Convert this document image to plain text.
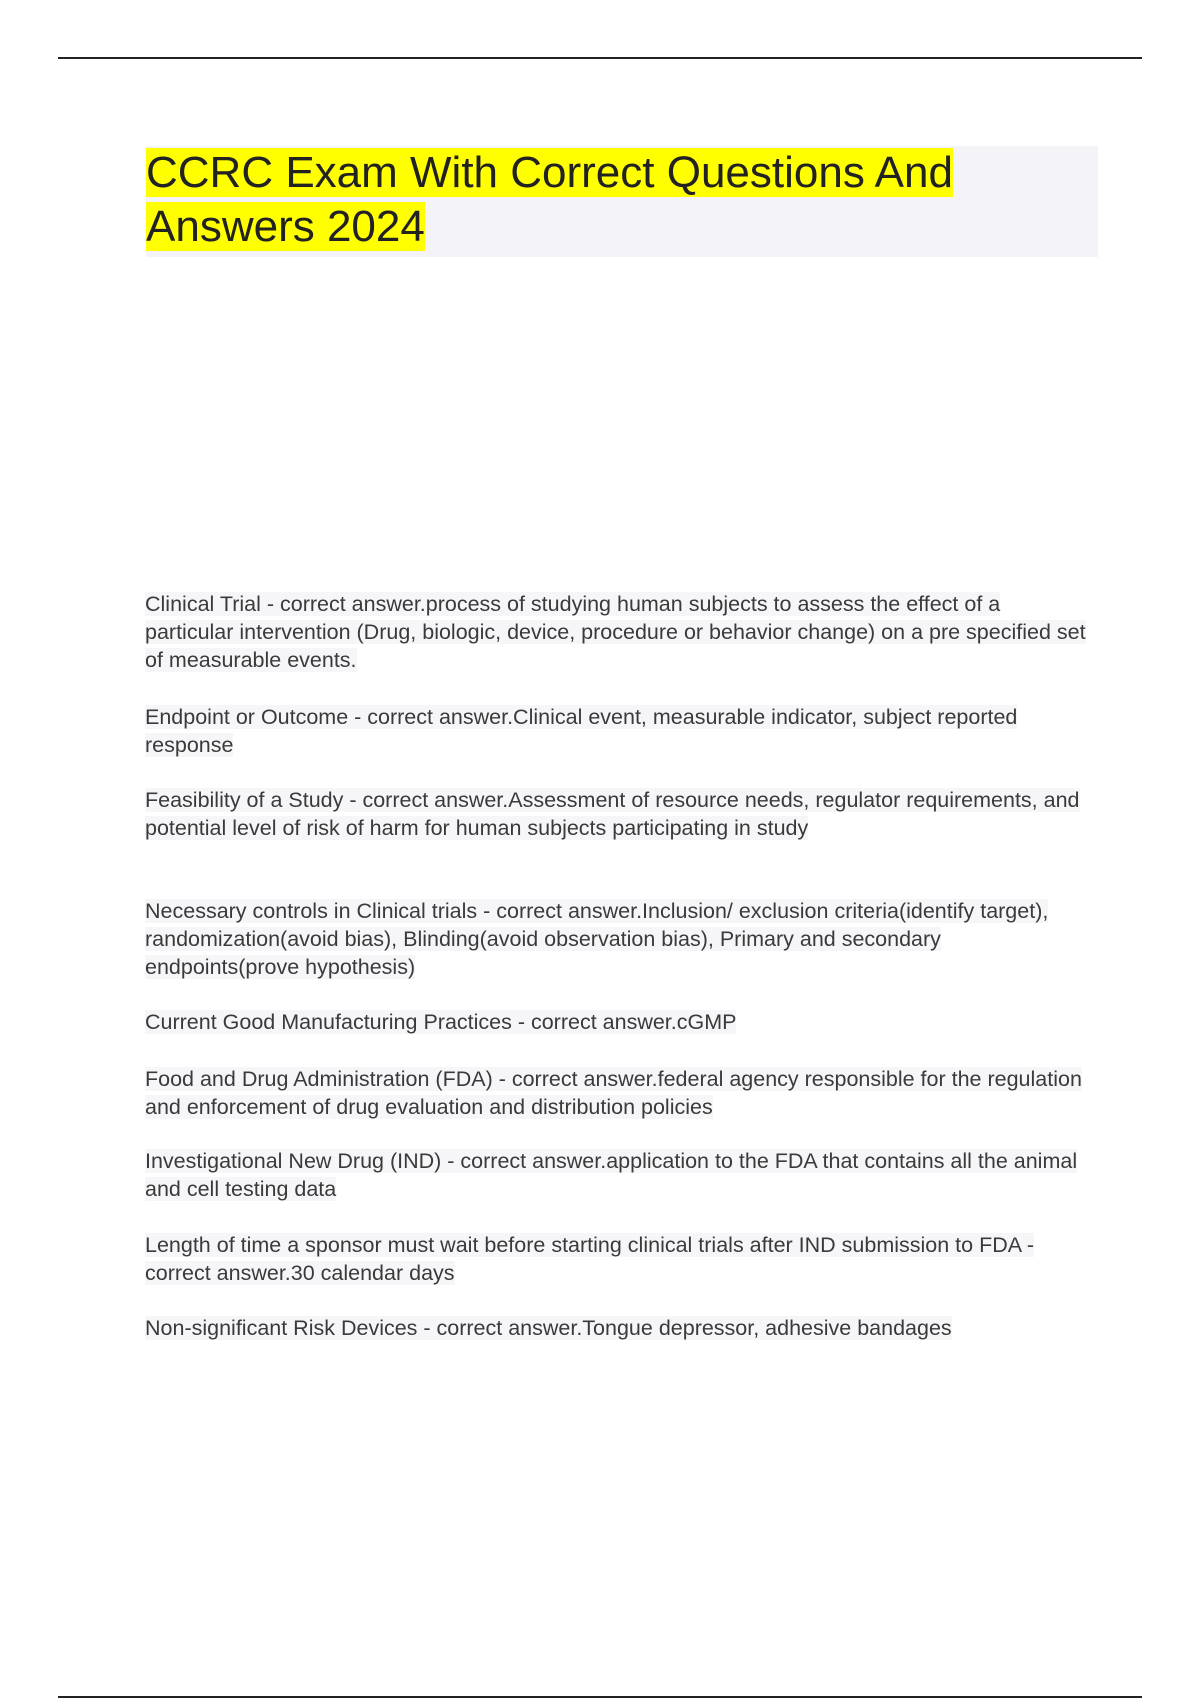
CCRC Exam With Correct Questions And Answers 2024

Clinical Trial - correct answer.process of studying human subjects to assess the effect of a particular intervention (Drug, biologic, device, procedure or behavior change) on a pre specified set of measurable events.

Endpoint or Outcome - correct answer.Clinical event, measurable indicator, subject reported response

Feasibility of a Study - correct answer.Assessment of resource needs, regulator requirements, and potential level of risk of harm for human subjects participating in study

Necessary controls in Clinical trials - correct answer.Inclusion/ exclusion criteria(identify target), randomization(avoid bias), Blinding(avoid observation bias), Primary and secondary endpoints(prove hypothesis)

Current Good Manufacturing Practices - correct answer.cGMP

Food and Drug Administration (FDA) - correct answer.federal agency responsible for the regulation and enforcement of drug evaluation and distribution policies

Investigational New Drug (IND) - correct answer.application to the FDA that contains all the animal and cell testing data

Length of time a sponsor must wait before starting clinical trials after IND submission to FDA - correct answer.30 calendar days

Non-significant Risk Devices - correct answer.Tongue depressor, adhesive bandages
